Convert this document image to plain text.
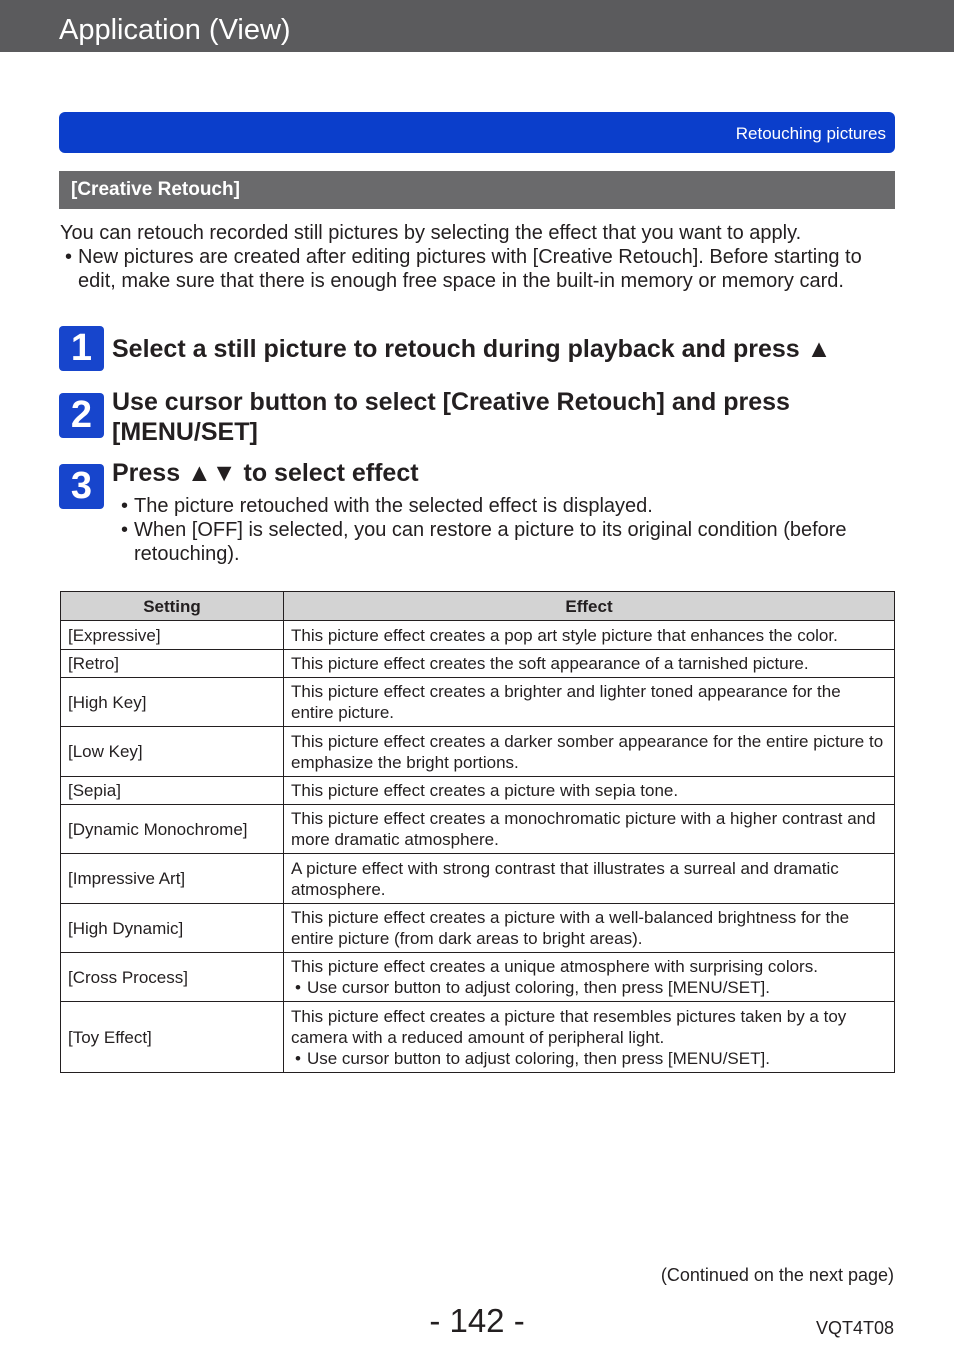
Application (View)
Retouching pictures
[Creative Retouch]

You can retouch recorded still pictures by selecting the effect that you want to apply.

• New pictures are created after editing pictures with [Creative Retouch]. Before starting to edit, make sure that there is enough free space in the built-in memory or memory card.

1 Select a still picture to retouch during playback and press ▲
2 Use cursor button to select [Creative Retouch] and press [MENU/SET]
3 Press ▲▼ to select effect

• The picture retouched with the selected effect is displayed.

• When [OFF] is selected, you can restore a picture to its original condition (before retouching).

Setting	Effect
[Expressive]	This picture effect creates a pop art style picture that enhances the color.
[Retro]	This picture effect creates the soft appearance of a tarnished picture.
[High Key]	This picture effect creates a brighter and lighter toned appearance for the entire picture.
[Low Key]	This picture effect creates a darker somber appearance for the entire picture to emphasize the bright portions.
[Sepia]	This picture effect creates a picture with sepia tone.
[Dynamic Monochrome]	This picture effect creates a monochromatic picture with a higher contrast and more dramatic atmosphere.
[Impressive Art]	A picture effect with strong contrast that illustrates a surreal and dramatic atmosphere.
[High Dynamic]	This picture effect creates a picture with a well-balanced brightness for the entire picture (from dark areas to bright areas).
[Cross Process]	This picture effect creates a unique atmosphere with surprising colors.
• Use cursor button to adjust coloring, then press [MENU/SET].

[Toy Effect]	This picture effect creates a picture that resembles pictures taken by a toy camera with a reduced amount of peripheral light.
• Use cursor button to adjust coloring, then press [MENU/SET].
(Continued on the next page)
- 142 -	VQT4T08
